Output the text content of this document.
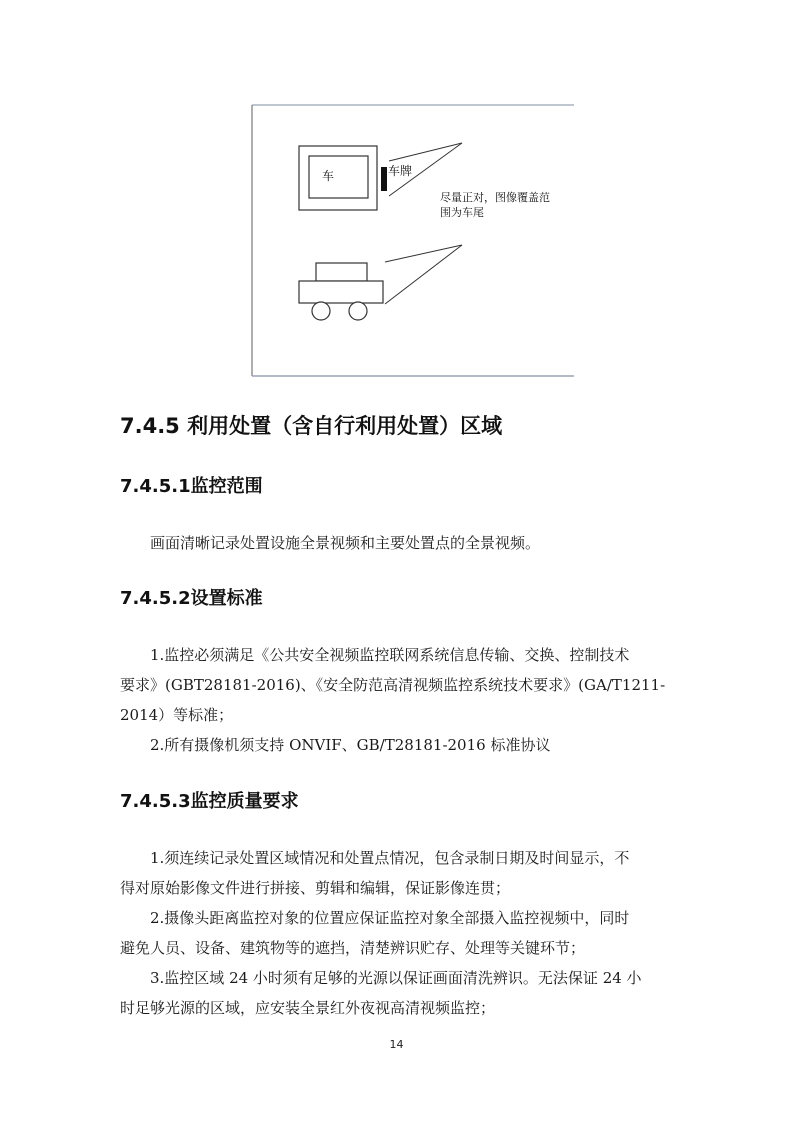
车	车牌
尽量正对，图像覆盖范
围为车尾
7.4.5 利用处置（含自行利用处置）区域
7.4.5.1监控范围

画面清晰记录处置设施全景视频和主要处置点的全景视频。

7.4.5.2设置标准

1.监控必须满足《公共安全视频监控联网系统信息传输、交换、控制技术

要求》(GBT28181-2016)、《安全防范高清视频监控系统技术要求》(GA/T1211-

2014）等标准；

2.所有摄像机须支持 ONVIF、GB/T28181-2016 标准协议

7.4.5.3监控质量要求

1.须连续记录处置区域情况和处置点情况，包含录制日期及时间显示，不

得对原始影像文件进行拼接、剪辑和编辑，保证影像连贯；

2.摄像头距离监控对象的位置应保证监控对象全部摄入监控视频中，同时

避免人员、设备、建筑物等的遮挡，清楚辨识贮存、处理等关键环节；

3.监控区域 24 小时须有足够的光源以保证画面清洗辨识。无法保证 24 小

时足够光源的区域，应安装全景红外夜视高清视频监控；

14
